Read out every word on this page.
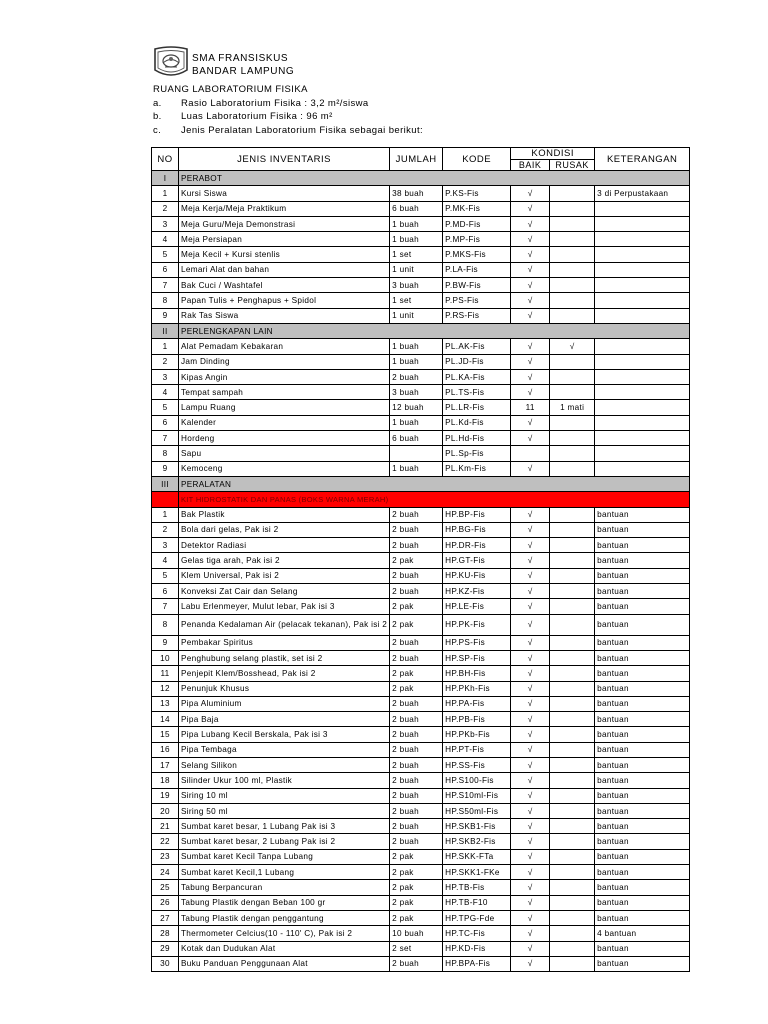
SMA FRANSISKUS
BANDAR LAMPUNG
RUANG LABORATORIUM FISIKA
a.	Rasio Laboratorium Fisika : 3,2 m²/siswa
b.	Luas Laboratorium Fisika : 96 m²
c.	Jenis Peralatan Laboratorium Fisika sebagai berikut:
NO	JENIS INVENTARIS	JUMLAH	KODE	KONDISI		KETERANGAN
				BAIK	RUSAK	
I	PERABOT					
1	Kursi Siswa	38 buah	P.KS-Fis	√		3 di Perpustakaan
2	Meja Kerja/Meja Praktikum	6 buah	P.MK-Fis	√		
3	Meja Guru/Meja Demonstrasi	1 buah	P.MD-Fis	√		
4	Meja Persiapan	1 buah	P.MP-Fis	√		
5	Meja Kecil + Kursi stenlis	1 set	P.MKS-Fis	√		
6	Lemari Alat dan bahan	1 unit	P.LA-Fis	√		
7	Bak Cuci / Washtafel	3 buah	P.BW-Fis	√		
8	Papan Tulis + Penghapus + Spidol	1 set	P.PS-Fis	√		
9	Rak Tas Siswa	1 unit	P.RS-Fis	√		
II	PERLENGKAPAN LAIN					
1	Alat Pemadam Kebakaran	1 buah	PL.AK-Fis	√	√	
2	Jam Dinding	1 buah	PL.JD-Fis	√		
3	Kipas Angin	2 buah	PL.KA-Fis	√		
4	Tempat sampah	3 buah	PL.TS-Fis	√		
5	Lampu Ruang	12 buah	PL.LR-Fis	11	1 mati	
6	Kalender	1 buah	PL.Kd-Fis	√		
7	Hordeng	6 buah	PL.Hd-Fis	√		
8	Sapu		PL.Sp-Fis			
9	Kemoceng	1 buah	PL.Km-Fis	√		
III	PERALATAN					
	KIT HIDROSTATIK DAN PANAS (BOKS WARNA MERAH)					
1	Bak Plastik	2 buah	HP.BP-Fis	√		bantuan
2	Bola dari gelas, Pak isi 2	2 buah	HP.BG-Fis	√		bantuan
3	Detektor Radiasi	2 buah	HP.DR-Fis	√		bantuan
4	Gelas tiga arah, Pak isi 2	2 pak	HP.GT-Fis	√		bantuan
5	Klem Universal, Pak isi 2	2 buah	HP.KU-Fis	√		bantuan
6	Konveksi Zat Cair dan Selang	2 buah	HP.KZ-Fis	√		bantuan
7	Labu Erlenmeyer, Mulut lebar, Pak isi 3	2 pak	HP.LE-Fis	√		bantuan
8	Penanda Kedalaman Air (pelacak tekanan), Pak isi 2	2 pak	HP.PK-Fis	√		bantuan
9	Pembakar Spiritus	2 buah	HP.PS-Fis	√		bantuan
10	Penghubung selang plastik, set isi 2	2 buah	HP.SP-Fis	√		bantuan
11	Penjepit Klem/Bosshead, Pak isi 2	2 pak	HP.BH-Fis	√		bantuan
12	Penunjuk Khusus	2 pak	HP.PKh-Fis	√		bantuan
13	Pipa Aluminium	2 buah	HP.PA-Fis	√		bantuan
14	Pipa Baja	2 buah	HP.PB-Fis	√		bantuan
15	Pipa Lubang Kecil Berskala, Pak isi 3	2 buah	HP.PKb-Fis	√		bantuan
16	Pipa Tembaga	2 buah	HP.PT-Fis	√		bantuan
17	Selang Silikon	2 buah	HP.SS-Fis	√		bantuan
18	Silinder Ukur 100 ml, Plastik	2 buah	HP.S100-Fis	√		bantuan
19	Siring 10 ml	2 buah	HP.S10ml-Fis	√		bantuan
20	Siring 50 ml	2 buah	HP.S50ml-Fis	√		bantuan
21	Sumbat karet besar, 1 Lubang Pak isi 3	2 buah	HP.SKB1-Fis	√		bantuan
22	Sumbat karet besar, 2 Lubang Pak isi 2	2 buah	HP.SKB2-Fis	√		bantuan
23	Sumbat karet Kecil Tanpa Lubang	2 pak	HP.SKK-FTa	√		bantuan
24	Sumbat karet Kecil,1 Lubang	2 pak	HP.SKK1-FKe	√		bantuan
25	Tabung Berpancuran	2 pak	HP.TB-Fis	√		bantuan
26	Tabung Plastik dengan Beban 100 gr	2 pak	HP.TB-F10	√		bantuan
27	Tabung Plastik dengan penggantung	2 pak	HP.TPG-Fde	√		bantuan
28	Thermometer Celcius(10 - 110' C), Pak isi 2	10 buah	HP.TC-Fis	√		4 bantuan
29	Kotak dan Dudukan Alat	2 set	HP.KD-Fis	√		bantuan
30	Buku Panduan Penggunaan Alat	2 buah	HP.BPA-Fis	√		bantuan
